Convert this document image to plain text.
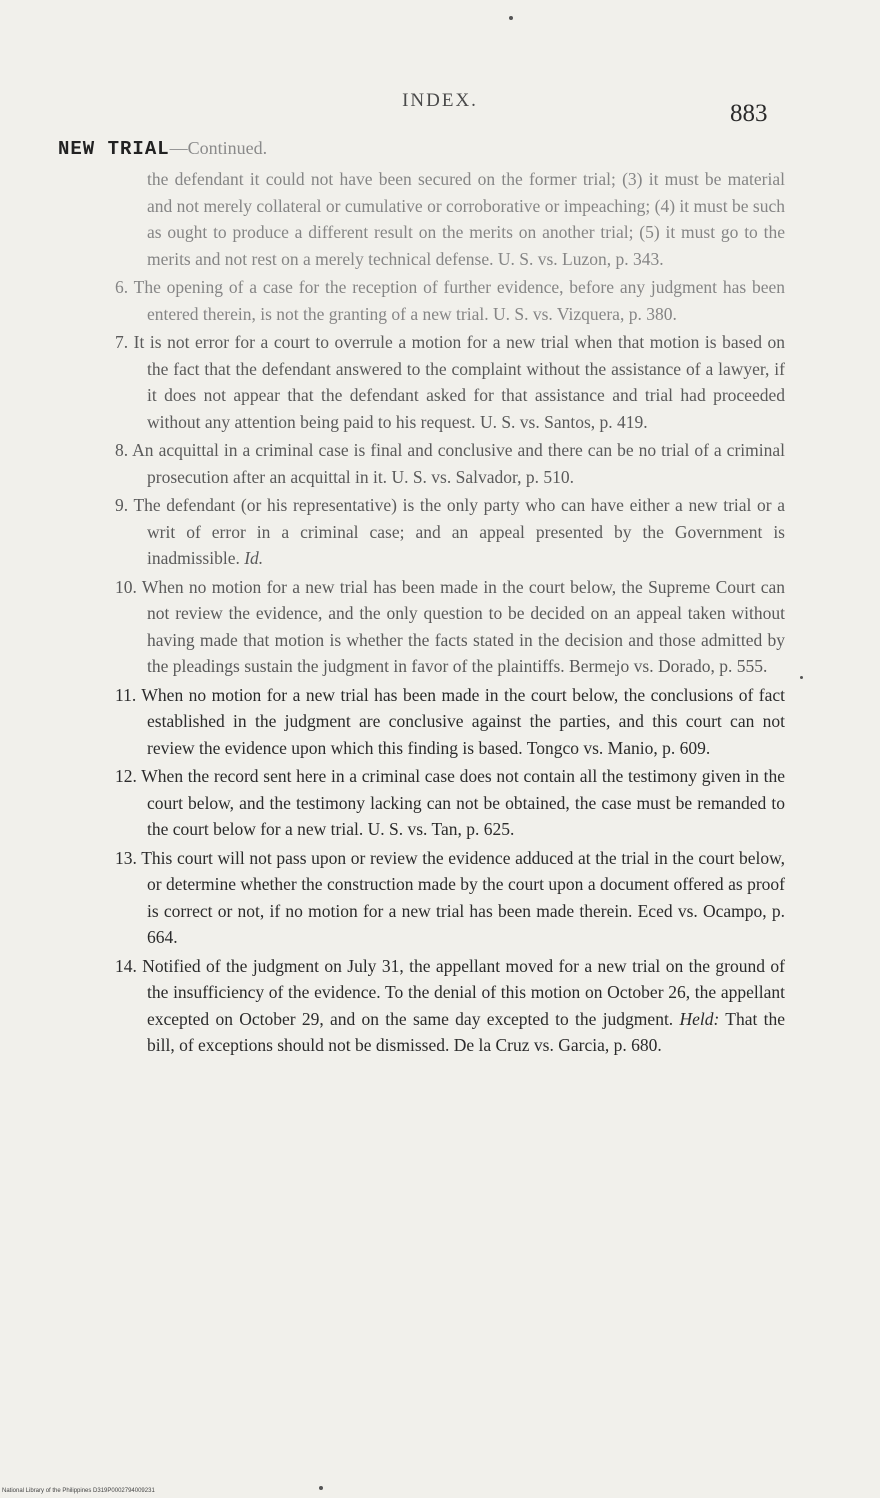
INDEX.	883
NEW TRIAL—Continued.

the defendant it could not have been secured on the former trial; (3) it must be material and not merely collateral or cumulative or corroborative or impeaching; (4) it must be such as ought to produce a different result on the merits on another trial; (5) it must go to the merits and not rest on a merely technical defense. U. S. vs. Luzon, p. 343.

6. The opening of a case for the reception of further evidence, before any judgment has been entered therein, is not the granting of a new trial. U. S. vs. Vizquera, p. 380.

7. It is not error for a court to overrule a motion for a new trial when that motion is based on the fact that the defendant answered to the complaint without the assistance of a lawyer, if it does not appear that the defendant asked for that assistance and trial had proceeded without any attention being paid to his request. U. S. vs. Santos, p. 419.

8. An acquittal in a criminal case is final and conclusive and there can be no trial of a criminal prosecution after an acquittal in it. U. S. vs. Salvador, p. 510.

9. The defendant (or his representative) is the only party who can have either a new trial or a writ of error in a criminal case; and an appeal presented by the Government is inadmissible. Id.

10. When no motion for a new trial has been made in the court below, the Supreme Court can not review the evidence, and the only question to be decided on an appeal taken without having made that motion is whether the facts stated in the decision and those admitted by the pleadings sustain the judgment in favor of the plaintiffs. Bermejo vs. Dorado, p. 555.

11. When no motion for a new trial has been made in the court below, the conclusions of fact established in the judgment are conclusive against the parties, and this court can not review the evidence upon which this finding is based. Tongco vs. Manio, p. 609.

12. When the record sent here in a criminal case does not contain all the testimony given in the court below, and the testimony lacking can not be obtained, the case must be remanded to the court below for a new trial. U. S. vs. Tan, p. 625.

13. This court will not pass upon or review the evidence adduced at the trial in the court below, or determine whether the construction made by the court upon a document offered as proof is correct or not, if no motion for a new trial has been made therein. Eced vs. Ocampo, p. 664.

14. Notified of the judgment on July 31, the appellant moved for a new trial on the ground of the insufficiency of the evidence. To the denial of this motion on October 26, the appellant excepted on October 29, and on the same day excepted to the judgment. Held: That the bill, of exceptions should not be dismissed. De la Cruz vs. Garcia, p. 680.

National Library of the Philippines D319P0002794009231
